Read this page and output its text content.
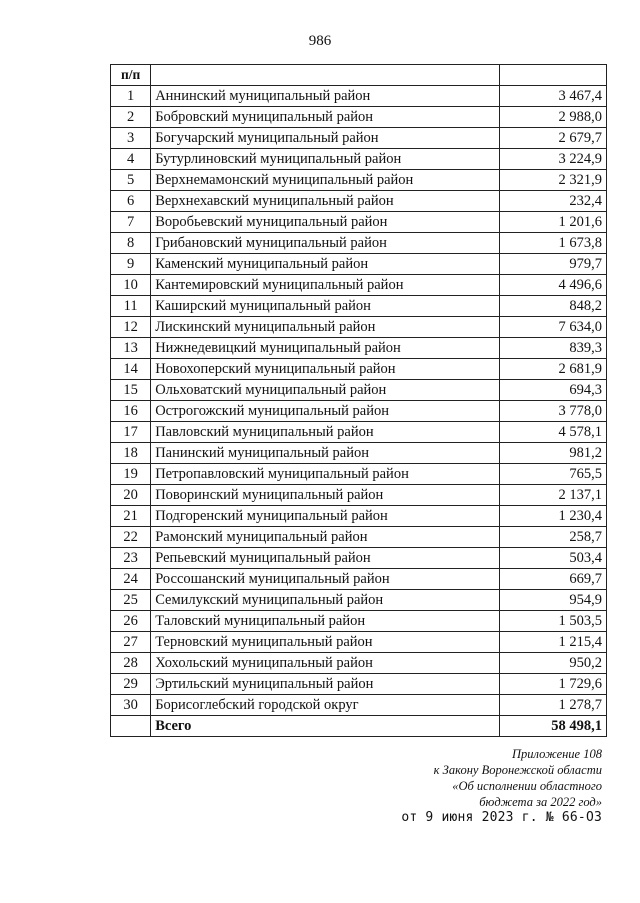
986
п/п		
1	Аннинский муниципальный район	3 467,4
2	Бобровский муниципальный район	2 988,0
3	Богучарский муниципальный район	2 679,7
4	Бутурлиновский муниципальный район	3 224,9
5	Верхнемамонский муниципальный район	2 321,9
6	Верхнехавский муниципальный район	232,4
7	Воробьевский муниципальный район	1 201,6
8	Грибановский муниципальный район	1 673,8
9	Каменский муниципальный район	979,7
10	Кантемировский муниципальный район	4 496,6
11	Каширский муниципальный район	848,2
12	Лискинский муниципальный район	7 634,0
13	Нижнедевицкий муниципальный район	839,3
14	Новохоперский муниципальный район	2 681,9
15	Ольховатский муниципальный район	694,3
16	Острогожский муниципальный район	3 778,0
17	Павловский муниципальный район	4 578,1
18	Панинский муниципальный район	981,2
19	Петропавловский муниципальный район	765,5
20	Поворинский муниципальный район	2 137,1
21	Подгоренский муниципальный район	1 230,4
22	Рамонский муниципальный район	258,7
23	Репьевский муниципальный район	503,4
24	Россошанский муниципальный район	669,7
25	Семилукский муниципальный район	954,9
26	Таловский муниципальный район	1 503,5
27	Терновский муниципальный район	1 215,4
28	Хохольский муниципальный район	950,2
29	Эртильский муниципальный район	1 729,6
30	Борисоглебский городской округ	1 278,7
	Всего	58 498,1
Приложение 108
к Закону Воронежской области
«Об исполнении областного
бюджета за 2022 год»
от 9 июня 2023 г. № 66-ОЗ
